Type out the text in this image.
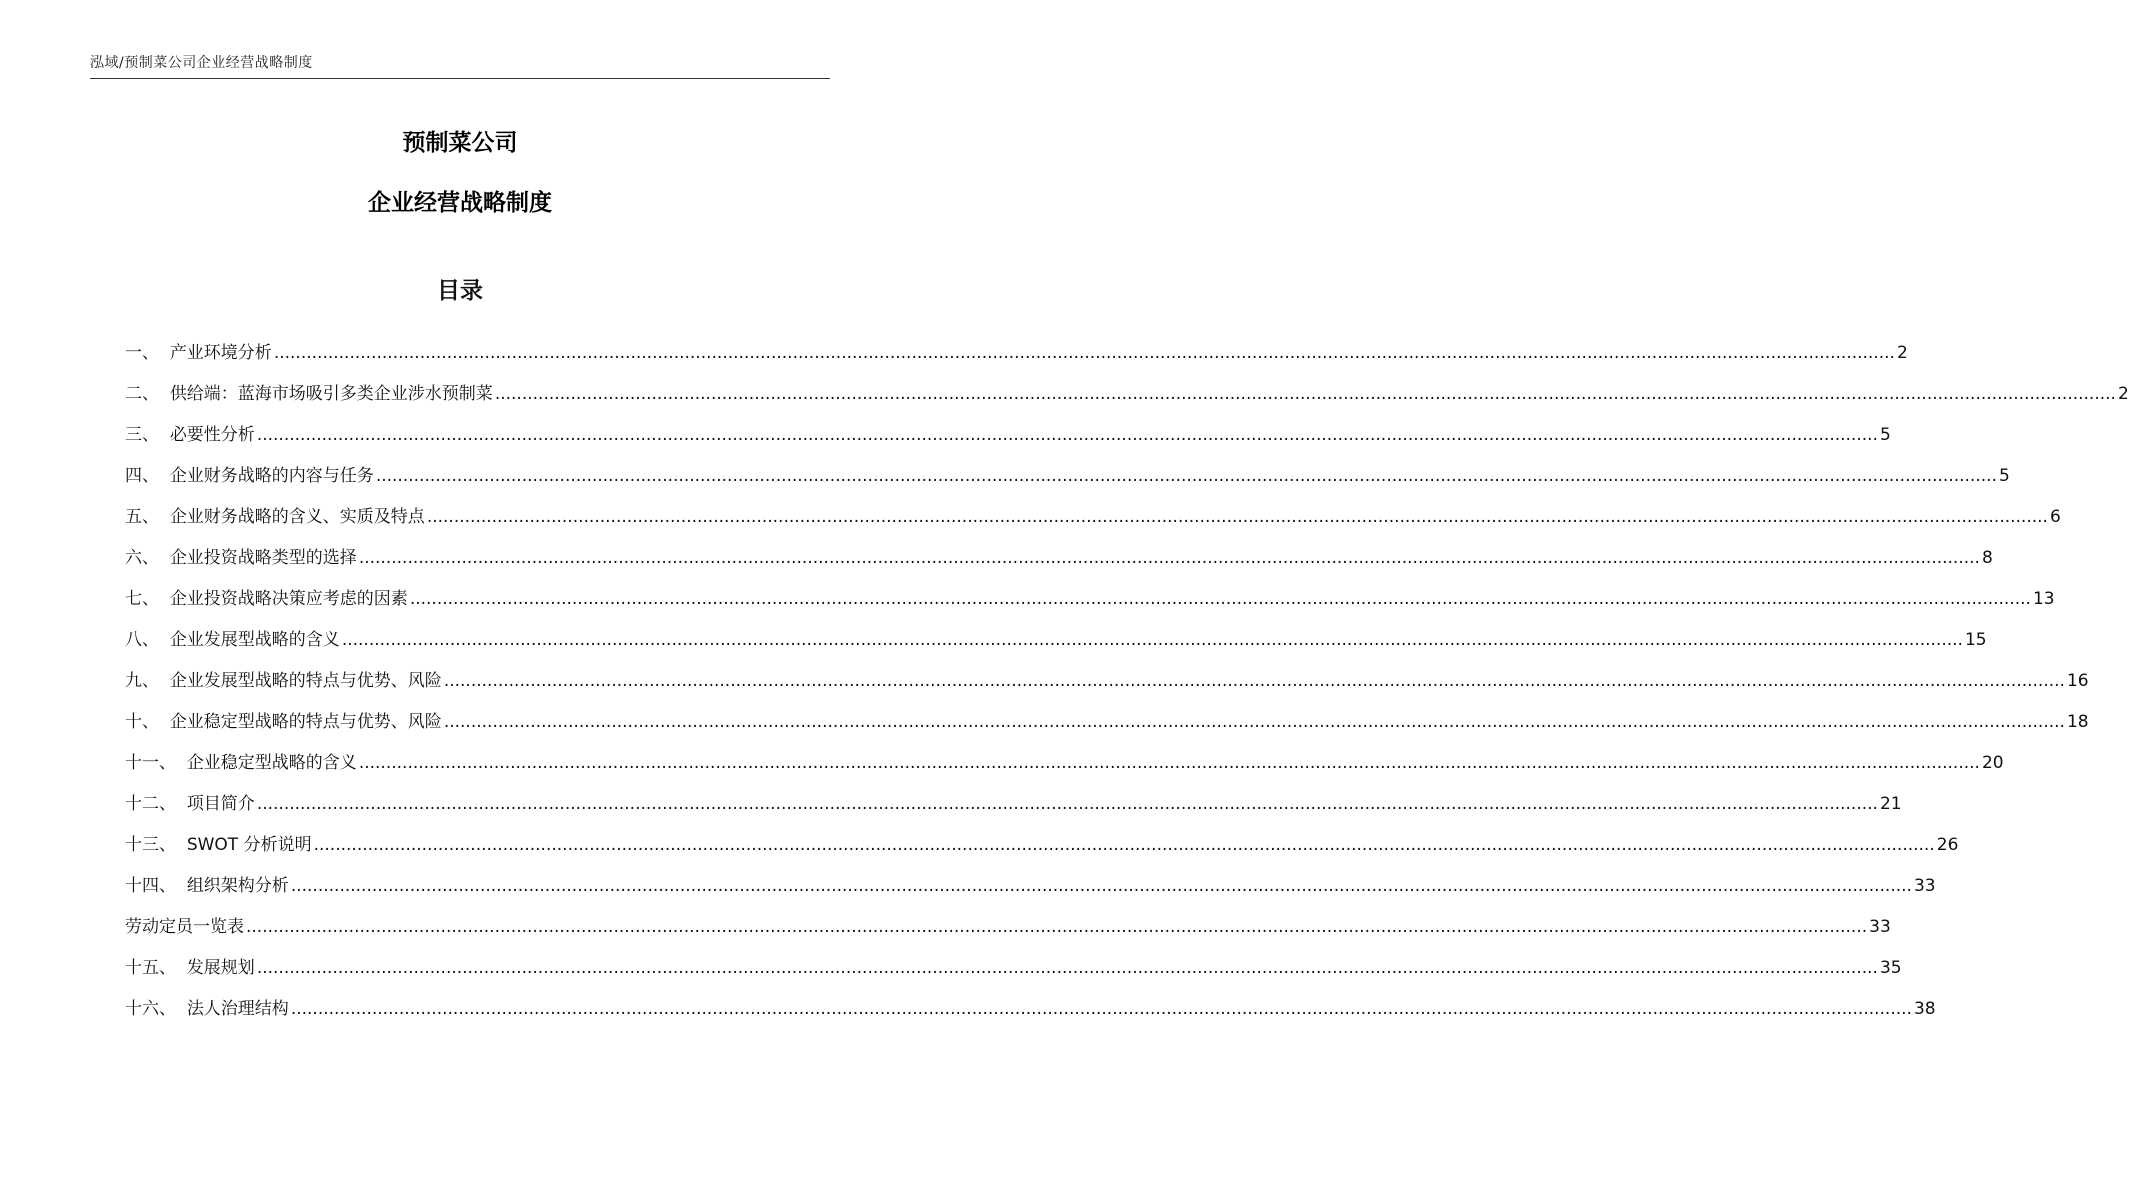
泓域/预制菜公司企业经营战略制度
预制菜公司
企业经营战略制度
目录
一、 产业环境分析 ............................................................................................................................................................................................................................................................................................................ 2
二、 供给端：蓝海市场吸引多类企业涉水预制菜 ............................................................................................................................................................................................................................................................................................................ 2
三、 必要性分析 ............................................................................................................................................................................................................................................................................................................ 5
四、 企业财务战略的内容与任务 ............................................................................................................................................................................................................................................................................................................ 5
五、 企业财务战略的含义、实质及特点 ............................................................................................................................................................................................................................................................................................................ 6
六、 企业投资战略类型的选择 ............................................................................................................................................................................................................................................................................................................ 8
七、 企业投资战略决策应考虑的因素 ............................................................................................................................................................................................................................................................................................................ 13
八、 企业发展型战略的含义 ............................................................................................................................................................................................................................................................................................................ 15
九、 企业发展型战略的特点与优势、风险 ............................................................................................................................................................................................................................................................................................................ 16
十、 企业稳定型战略的特点与优势、风险 ............................................................................................................................................................................................................................................................................................................ 18
十一、 企业稳定型战略的含义 ............................................................................................................................................................................................................................................................................................................ 20
十二、 项目简介 ............................................................................................................................................................................................................................................................................................................ 21
十三、 SWOT 分析说明 ............................................................................................................................................................................................................................................................................................................ 26
十四、 组织架构分析 ............................................................................................................................................................................................................................................................................................................ 33
劳动定员一览表 ............................................................................................................................................................................................................................................................................................................ 33
十五、 发展规划 ............................................................................................................................................................................................................................................................................................................ 35
十六、 法人治理结构 ............................................................................................................................................................................................................................................................................................................ 38
